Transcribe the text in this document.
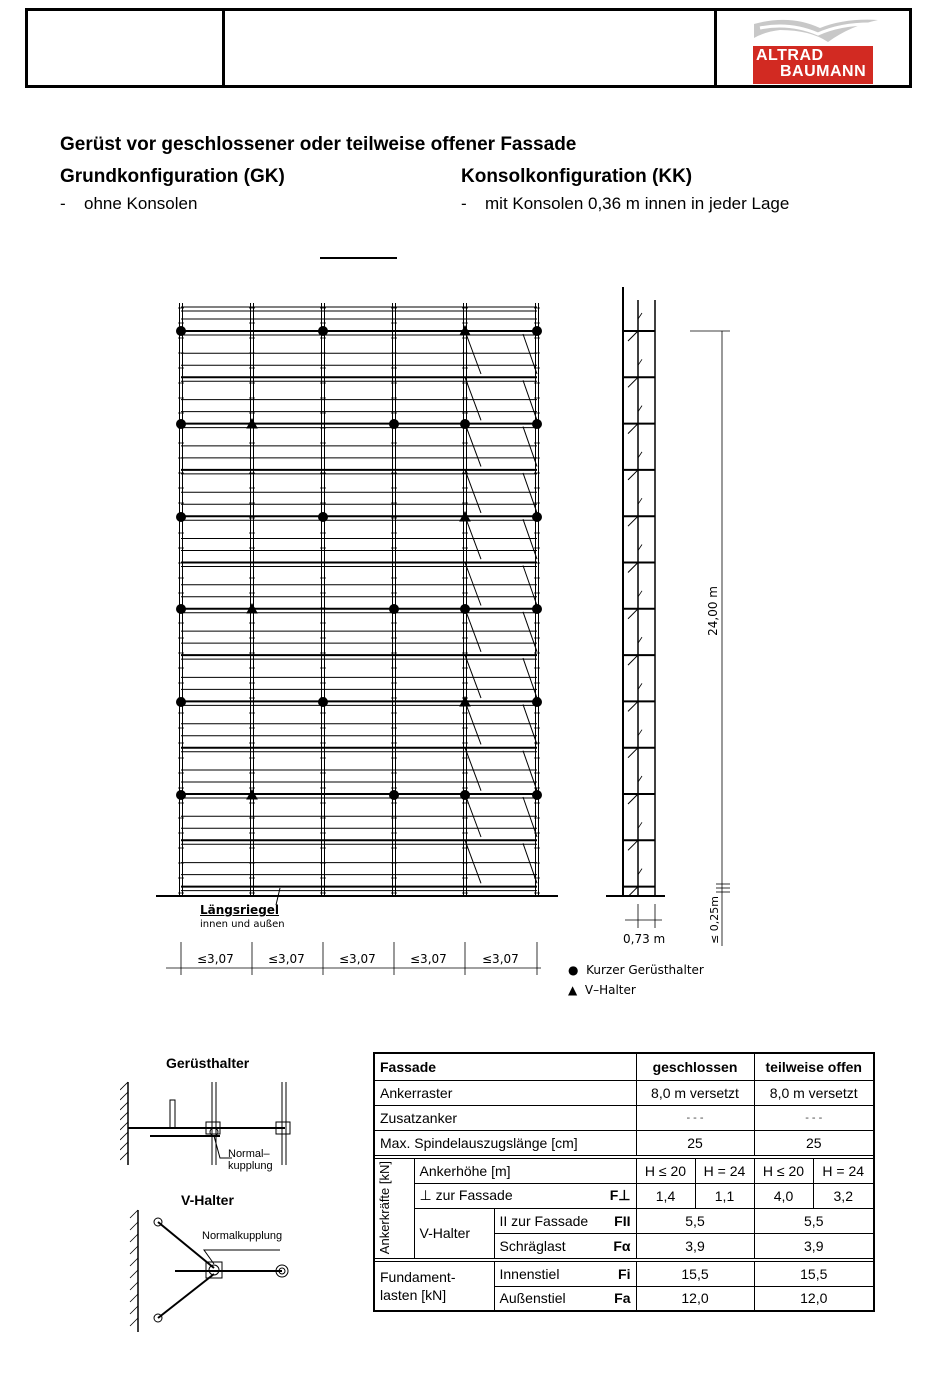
ALTRAD
BAUMANN
Gerüst vor geschlossener oder teilweise offener Fassade
Grundkonfiguration (GK)
- ohne Konsolen
Konsolkonfiguration (KK)
- mit Konsolen 0,36 m innen in jeder Lage
Längsriegel
innen und außen
≤3,07	≤3,07	≤3,07	≤3,07	≤3,07
24,00 m
0,73 m	≤ 0,25m
● Kurzer Gerüsthalter
▲ V–Halter
Gerüsthalter
V-Halter
Normal–
kupplung
Normalkupplung
Fassade			geschlossen		teilweise offen	
Ankerraster			8,0 m versetzt		8,0 m versetzt	
Zusatzanker			- - -		- - -	
Max. Spindelauszugslänge [cm]			25		25	

Ankerkräfte [kN]	Ankerhöhe [m]		H ≤ 20	H = 24	H ≤ 20	H = 24
	⊥ zur Fassade F⊥		1,4	1,1	4,0	3,2
	V-Halter	II zur Fassade FII	5,5		5,5	
		Schräglast Fα	3,9		3,9	

Fundament-lasten [kN]		Innenstiel Fi	15,5		15,5	
		Außenstiel Fa	12,0		12,0	
